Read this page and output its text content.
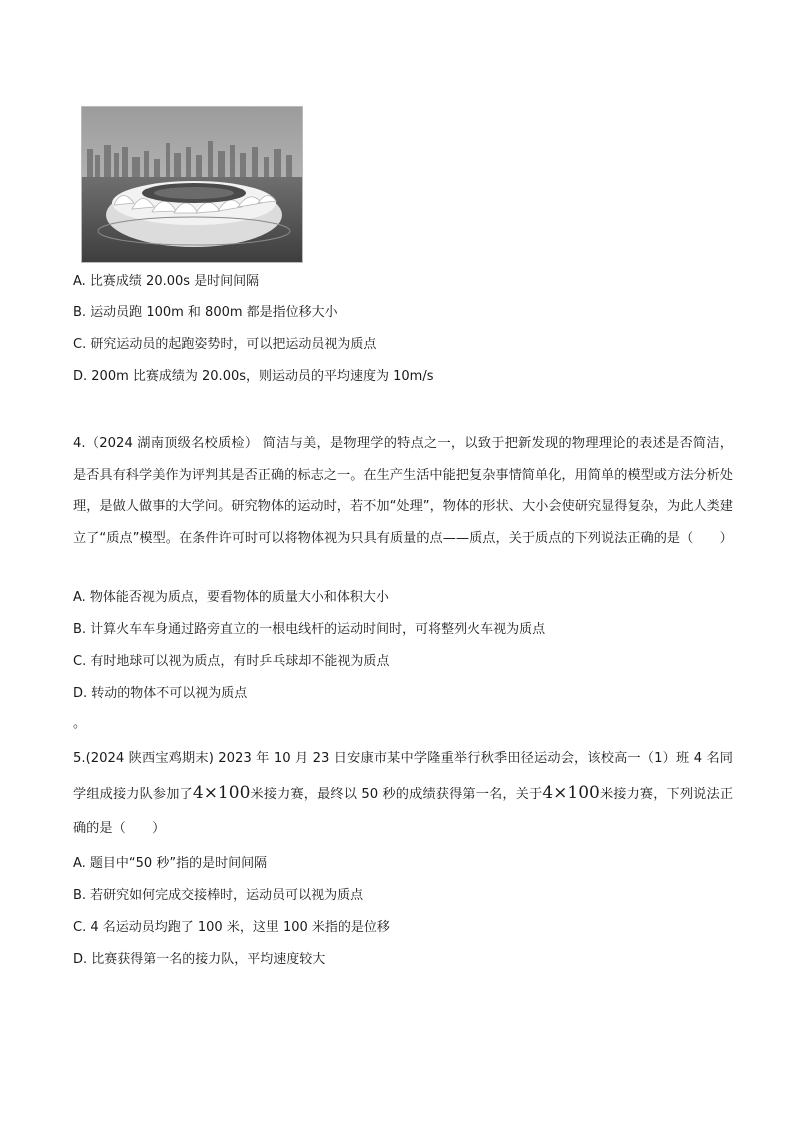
A. 比赛成绩 20.00s 是时间间隔
B. 运动员跑 100m 和 800m 都是指位移大小
C. 研究运动员的起跑姿势时，可以把运动员视为质点
D. 200m 比赛成绩为 20.00s，则运动员的平均速度为 10m/s
4.（2024 湖南顶级名校质检） 简洁与美，是物理学的特点之一，以致于把新发现的物理理论的表述是否简洁，是否具有科学美作为评判其是否正确的标志之一。在生产生活中能把复杂事情简单化，用简单的模型或方法分析处理，是做人做事的大学问。研究物体的运动时，若不加“处理”，物体的形状、大小会使研究显得复杂，为此人类建立了“质点”模型。在条件许可时可以将物体视为只具有质量的点——质点，关于质点的下列说法正确的是（　　）
A. 物体能否视为质点，要看物体的质量大小和体积大小
B. 计算火车车身通过路旁直立的一根电线杆的运动时间时，可将整列火车视为质点
C. 有时地球可以视为质点，有时乒乓球却不能视为质点
D. 转动的物体不可以视为质点
。
5.(2024 陕西宝鸡期末) 2023 年 10 月 23 日安康市某中学隆重举行秋季田径运动会，该校高一（1）班 4 名同学组成接力队参加了4×100米接力赛，最终以 50 秒的成绩获得第一名，关于4×100米接力赛，下列说法正确的是（　　）
A. 题目中“50 秒”指的是时间间隔
B. 若研究如何完成交接棒时，运动员可以视为质点
C. 4 名运动员均跑了 100 米，这里 100 米指的是位移
D. 比赛获得第一名的接力队，平均速度较大
